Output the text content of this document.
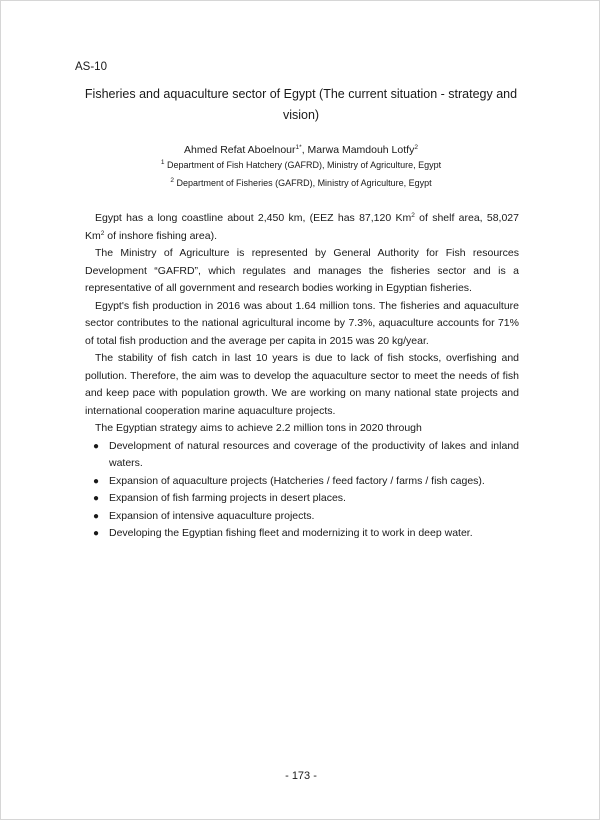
AS-10
Fisheries and aquaculture sector of Egypt (The current situation - strategy and vision)
Ahmed Refat Aboelnour$^{1*}$, Marwa Mamdouh Lotfy$^2$
$^1$ Department of Fish Hatchery (GAFRD), Ministry of Agriculture, Egypt
$^2$ Department of Fisheries (GAFRD), Ministry of Agriculture, Egypt

Egypt has a long coastline about 2,450 km, (EEZ has 87,120 Km$^2$ of shelf area, 58,027 Km$^2$ of inshore fishing area).

The Ministry of Agriculture is represented by General Authority for Fish resources Development “GAFRD”, which regulates and manages the fisheries sector and is a representative of all government and research bodies working in Egyptian fisheries.

Egypt's fish production in 2016 was about 1.64 million tons. The fisheries and aquaculture sector contributes to the national agricultural income by 7.3%, aquaculture accounts for 71% of total fish production and the average per capita in 2015 was 20 kg/year.

The stability of fish catch in last 10 years is due to lack of fish stocks, overfishing and pollution. Therefore, the aim was to develop the aquaculture sector to meet the needs of fish and keep pace with population growth. We are working on many national state projects and international cooperation marine aquaculture projects.

The Egyptian strategy aims to achieve 2.2 million tons in 2020 through

● Development of natural resources and coverage of the productivity of lakes and inland waters.
● Expansion of aquaculture projects (Hatcheries / feed factory / farms / fish cages).
● Expansion of fish farming projects in desert places.
● Expansion of intensive aquaculture projects.
● Developing the Egyptian fishing fleet and modernizing it to work in deep water.
- 173 -
